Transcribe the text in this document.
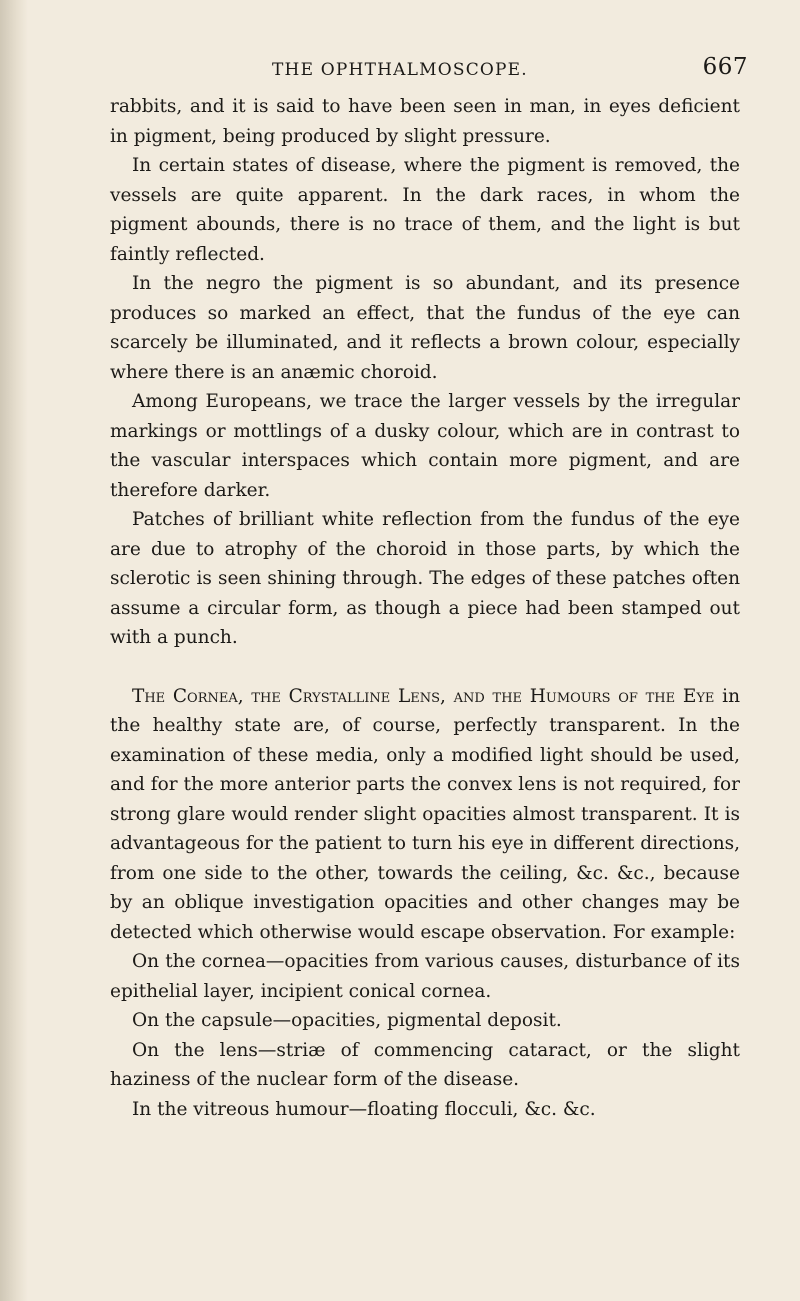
THE OPHTHALMOSCOPE.	667

rabbits, and it is said to have been seen in man, in eyes deficient in pigment, being produced by slight pressure.

In certain states of disease, where the pigment is removed, the vessels are quite apparent. In the dark races, in whom the pigment abounds, there is no trace of them, and the light is but faintly reflected.

In the negro the pigment is so abundant, and its presence produces so marked an effect, that the fundus of the eye can scarcely be illuminated, and it reflects a brown colour, especially where there is an anæmic choroid.

Among Europeans, we trace the larger vessels by the irregular markings or mottlings of a dusky colour, which are in contrast to the vascular interspaces which contain more pigment, and are therefore darker.

Patches of brilliant white reflection from the fundus of the eye are due to atrophy of the choroid in those parts, by which the sclerotic is seen shining through. The edges of these patches often assume a circular form, as though a piece had been stamped out with a punch.

The Cornea, the Crystalline Lens, and the Humours of the Eye in the healthy state are, of course, perfectly transparent. In the examination of these media, only a modified light should be used, and for the more anterior parts the convex lens is not required, for strong glare would render slight opacities almost transparent. It is advantageous for the patient to turn his eye in different directions, from one side to the other, towards the ceiling, &c. &c., because by an oblique investigation opacities and other changes may be detected which otherwise would escape observation. For example:

On the cornea—opacities from various causes, disturbance of its epithelial layer, incipient conical cornea.

On the capsule—opacities, pigmental deposit.

On the lens—striæ of commencing cataract, or the slight haziness of the nuclear form of the disease.

In the vitreous humour—floating flocculi, &c. &c.
